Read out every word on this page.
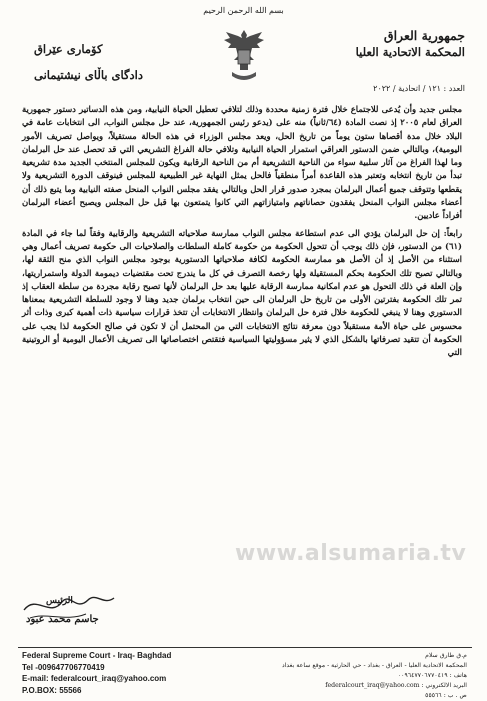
بسم الله الرحمن الرحيم
جمهورية العراق
المحكمة الاتحادية العليا
كۆماری عێراق
دادگای باڵای نیشتیمانی
العدد : ١٢١ / اتحادية / ٢٠٢٢

مجلس جديد وأن يُدعى للاجتماع خلال فترة زمنية محددة وذلك لتلافي تعطيل الحياة النيابية، ومن هذه الدساتير دستور جمهورية العراق لعام ٢٠٠٥ إذ نصت المادة (٦٤/ثانياً) منه على (يدعو رئيس الجمهورية، عند حل مجلس النواب، الى انتخابات عامة في البلاد خلال مدة أقصاها ستون يوماً من تاريخ الحل، ويعد مجلس الوزراء في هذه الحالة مستقيلاً، ويواصل تصريف الأمور اليومية)، وبالتالي ضمن الدستور العراقي استمرار الحياة النيابية وتلافي حالة الفراغ التشريعي التي قد تحصل عند حل البرلمان وما لهذا الفراغ من آثار سلبية سواء من الناحية التشريعية أم من الناحية الرقابية ويكون للمجلس المنتخب الجديد مدة تشريعية تبدأ من تاريخ انتخابه وتعتبر هذه القاعدة أمراً منطقياً فالحل يمثل النهاية غير الطبيعية للمجلس فينوقف الدورة التشريعية ولا يقطعها وتتوقف جميع أعمال البرلمان بمجرد صدور قرار الحل وبالتالي يفقد مجلس النواب المنحل صفته النيابية وما يتبع ذلك أن أعضاء مجلس النواب المنحل يفقدون حصاناتهم وامتيازاتهم التي كانوا يتمتعون بها قبل حل المجلس ويصبح أعضاء البرلمان أفراداً عاديين.

رابعاً: إن حل البرلمان يؤدي الى عدم استطاعة مجلس النواب ممارسة صلاحياته التشريعية والرقابية وفقاً لما جاء في المادة (٦١) من الدستور، فإن ذلك يوجب أن تتحول الحكومة من حكومة كاملة السلطات والصلاحيات الى حكومة تصريف أعمال وهي استثناء من الأصل إذ أن الأصل هو ممارسة الحكومة لكافة صلاحياتها الدستورية بوجود مجلس النواب الذي منح الثقة لها، وبالتالي تصبح تلك الحكومة بحكم المستقيلة ولها رخصة التصرف في كل ما يندرج تحت مقتضيات ديمومة الدولة واستمراريتها، وإن العلة في ذلك التحول هو عدم امكانية ممارسة الرقابة عليها بعد حل البرلمان لأنها تصبح رقابة مجردة من سلطة العقاب إذ تمر تلك الحكومة بفترتين الأولى من تاريخ حل البرلمان الى حين انتخاب برلمان جديد وهنا لا وجود للسلطة التشريعية بمعناها الدستوري وهنا لا ينبغي للحكومة خلال فترة حل البرلمان وانتظار الانتخابات أن تتخذ قرارات سياسية ذات أهمية كبرى وذات أثر محسوس على حياة الأمة مستقبلاً دون معرفة نتائج الانتخابات التي من المحتمل أن لا تكون في صالح الحكومة لذا يجب على الحكومة أن تتقيد تصرفاتها بالشكل الذي لا يثير مسؤوليتها السياسية فتقتص اختصاصاتها الى تصريف الأعمال اليومية أو الروتينية التي

www.alsumaria.tv
الرئيس
جاسم محمد عبود
Federal Supreme Court - Iraq- Baghdad
Tel -009647706770419
E-mail: federalcourt_iraq@yahoo.com
P.O.BOX: 55566
م.ق طارق سلام
المحكمة الاتحادية العليا - العراق - بغداد - حي الحارثية - موقع ساعة بغداد
هاتف : ٠٠٩٦٤٧٧٠٦٧٧٠٤١٩
البريد الالكتروني : federalcourt_iraq@yahoo.com
ص . ب : ٥٥٥٦٦
